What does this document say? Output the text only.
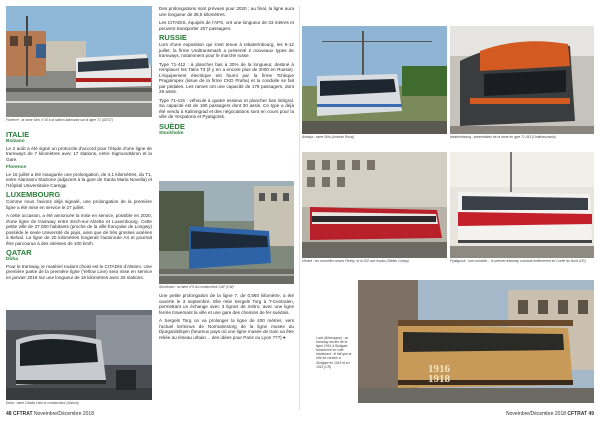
Florence : la rame Sirio n°16 à la station Alamanni sur la ligne T1 (GEST)
ITALIE
Bolzano

Le 2 août a été signé un protocole d'accord pour l'étude d'une ligne de tramways de 7 kilomètres avec 17 stations, entre Sigmundskron et la Gare.

Florence

Le 16 juillet a été inaugurée une prolongation, de 4,1 kilomètres, du T1, entre Alamanni Stazione (adjacent à la gare de Santa Maria Novella) et l'Hôpital Universitaire Careggi.

LUXEMBOURG

Comme nous l'avions déjà signalé, une prolongation de la première ligne a été mise en service le 27 juillet.

A cette occasion, a été annoncée la mise en service, possible en 2020, d'une ligne de tramway entre Esch-sur-Alzette et Luxembourg. Cette petite ville de 37 000 habitants (proche de la ville française de Longwy) possède le seule Université du pays, ainsi que de très grosses aciéries à Belval. La ligne de 20 kilomètres longerait l'autoroute A4 et pourrait être parcourue à des vitesses de 100 km/h.

QATAR
Doha

Pour le tramway, le matériel roulant choisi est le CITADIS d'Alstom. Une première partie de la première ligne (Yellow Line) sera mise en service en janvier 2019 sur une longueur de 18 kilomètres avec 25 stations.

Doha : rame Citadis chez le constructeur (Alstom)

Des prolongations sont prévues pour 2020 ; au final, la ligne aura une longueur de 38,5 kilomètres.

Les CITADIS, équipés de l'APS, ont une longueur de 33 mètres et peuvent transporter 207 passagers.

RUSSIE

Lors d'une exposition qui s'est tenue à Iekaterinbourg, les 9-12 juillet, la firme Uraltransmash a présenté 2 nouveaux types de tramways, notamment pour le marché russe.

Type 71-412 : à plancher bas à 30% de la longueur, destiné à remplacer les Tatra T3 (il y en a encore plus de 2000 en Russie). L'équipement électrique est fourni par la firme Tchèque Pragoimpex (issue de la firme CKD Praha) et la conduite se fait par pédales. Les rames ont une capacité de 178 passagers, dont 29 assis.

Type 71-415 : véhicule à quatre essieux et plancher bas intégral. Sa capacité est de 190 passagers dont 30 assis. Ce type a déjà été vendu à Kaliningrad et des négociations sont en cours pour la ville de Yecpatoria et Pyatigorsk.

SUÈDE
Stockholm
Stockholm : la rame n°5 du constructeur CAF (CW)

Une petite prolongation de la ligne 7, de 0,560 kilomètre, a été ouverte le 3 septembre. Elle relie Sergels Torg à T-Centralen, permettant un échange avec 3 lignes de métro, avec une ligne ferrée traversant la ville et une gare des chemins de fer suédois.

A Sergels Torg on va prolonger la ligne de 400 mètres, vers l'actuel terminus de Normalmstorg de la ligne musée du Djurgardslinjen (heureux pays où une ligne musée de tram va être reliée au réseau urbain… des idées pour Paris ou Lyon ???) ●

48 CFTRAT Novembre/Décembre 2018
Antalya : rame Sirio (Antonio Rossi)	Iekaterinbourg : présentation de la rame du type 71-415 (Uraltransmash)
Vienne : les nouvelles rames Flexity, ici la 302 aux essais (Stefan Czepa)	Pyatigorsk : une curiosité… le premier tramway construit entièrement en Corée du Nord (CR)
Lodz (Allemagne) : un tramway ancien de la ligne 1916 à Stuttgart, transformé en café restaurant ; le fait que la ville fut vendue à Stuttgart en 1918 et en 1916 (CR)	1916
1918
Novembre/Décembre 2018 CFTRAT 49
